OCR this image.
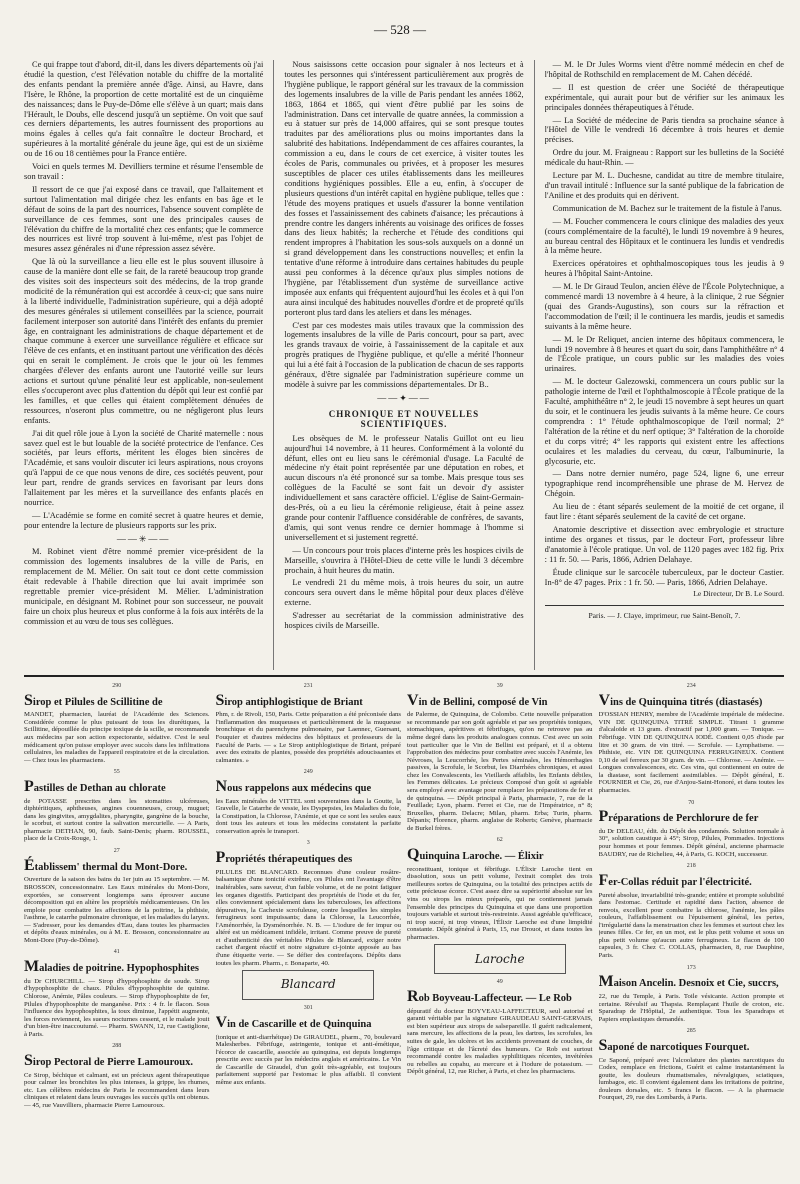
— 528 —

Ce qui frappe tout d'abord, dit-il, dans les divers départements où j'ai étudié la question, c'est l'élévation notable du chiffre de la mortalité des enfants pendant la première année d'âge. Ainsi, au Havre, dans l'Isère, le Rhône, la proportion de cette mortalité est de un cinquième des naissances; dans le Puy-de-Dôme elle s'élève à un quart; mais dans l'Hérault, le Doubs, elle descend jusqu'à un septième. On voit que sauf ces derniers départements, les autres fournissent des proportions au moins égales à celles qu'a fait connaître le docteur Brochard, et supérieures à la mortalité générale du jeune âge, qui est de un sixième ou de 16 ou 18 centièmes pour la France entière.

Voici en quels termes M. Devilliers termine et résume l'ensemble de son travail :

Il ressort de ce que j'ai exposé dans ce travail, que l'allaitement et surtout l'alimentation mal dirigée chez les enfants en bas âge et le défaut de soins de la part des nourrices, l'absence souvent complète de surveillance de ces femmes, sont une des principales causes de l'élévation du chiffre de la mortalité chez ces enfants; que le commerce des nourrices est livré trop souvent à lui-même, n'est pas l'objet de mesures assez générales ni d'une répression assez sévère.

Que là où la surveillance a lieu elle est le plus souvent illusoire à cause de la manière dont elle se fait, de la rareté beaucoup trop grande des visites soit des inspecteurs soit des médecins, de la trop grande modicité de la rémunération qui est accordée à ceux-ci; que sans nuire à la liberté individuelle, l'administration supérieure, qui a déjà adopté des mesures générales si utilement conseillées par la science, pourrait facilement interposer son autorité dans l'intérêt des enfants du premier âge, en contraignant les administrations de chaque département et de chaque commune à exercer une surveillance régulière et efficace sur l'élève de ces enfants, et en instituant partout une vérification des décès qui en serait le complément. Je crois que le jour où les femmes chargées d'élever des enfants auront une l'autorité veille sur leurs actions et surtout qu'une pénalité leur est applicable, non-seulement elles s'occuperont avec plus d'attention du dépôt qui leur est confié par les familles, et que celles qui étaient complètement dénuées de ressources, n'oseront plus commettre, ou ne négligeront plus leurs enfants.

J'ai dit quel rôle joue à Lyon la société de Charité maternelle : nous savez quel est le but louable de la société protectrice de l'enfance. Ces sociétés, par leurs efforts, méritent les éloges bien sincères de l'Académie, et sans vouloir discuter ici leurs aspirations, nous croyons qu'à l'appui de ce que nous venons de dire, ces sociétés peuvent, pour leur part, rendre de grands services en favorisant par leurs dons l'allaitement par les mères et la surveillance des enfants placés en nourrice.

— L'Académie se forme en comité secret à quatre heures et demie, pour entendre la lecture de plusieurs rapports sur les prix.

——✳——

M. Robinet vient d'être nommé premier vice-président de la commission des logements insalubres de la ville de Paris, en remplacement de M. Mélier. On sait tout ce dont cette commission était redevable à l'habile direction que lui avait imprimée son regrettable premier vice-président M. Mélier. L'administration municipale, en désignant M. Robinet pour son successeur, ne pouvait faire un choix plus heureux et plus conforme à la fois aux intérêts de la commission et au vœu de tous ses collègues.

Nous saisissons cette occasion pour signaler à nos lecteurs et à toutes les personnes qui s'intéressent particulièrement aux progrès de l'hygiène publique, le rapport général sur les travaux de la commission des logements insalubres de la ville de Paris pendant les années 1862, 1863, 1864 et 1865, qui vient d'être publié par les soins de l'administration. Dans cet intervalle de quatre années, la commission a eu à statuer sur près de 14,000 affaires, qui se sont presque toutes traduites par des améliorations plus ou moins importantes dans la salubrité des habitations. Indépendamment de ces affaires courantes, la commission a eu, dans le cours de cet exercice, à visiter toutes les écoles de Paris, communales ou privées, et à proposer les mesures susceptibles de placer ces utiles établissements dans les meilleures conditions hygiéniques possibles. Elle a eu, enfin, à s'occuper de plusieurs questions d'un intérêt capital en hygiène publique, telles que : l'étude des moyens pratiques et usuels d'assurer la bonne ventilation des fosses et l'assainissement des cabinets d'aisance; les précautions à prendre contre les dangers inhérents au voisinage des orifices de fosses dans des lieux habités; la recherche et l'étude des conditions qui rendent impropres à l'habitation les sous-sols auxquels on a donné un si grand développement dans les constructions nouvelles; et enfin la tentative d'une réforme à introduire dans certaines habitudes du peuple aussi peu conformes à la décence qu'aux plus simples notions de l'hygiène, par l'établissement d'un système de surveillance active imposée aux enfants qui fréquentent aujourd'hui les écoles et à qui l'on aura ainsi inculqué des habitudes nouvelles d'ordre et de propreté qu'ils porteront plus tard dans les ateliers et dans les ménages.

C'est par ces modestes mais utiles travaux que la commission des logements insalubres de la ville de Paris concourt, pour sa part, avec les grands travaux de voirie, à l'assainissement de la capitale et aux progrès pratiques de l'hygiène publique, et qu'elle a mérité l'honneur qui lui a été fait à l'occasion de la publication de chacun de ses rapports généraux, d'être signalée par l'administration supérieure comme un modèle à suivre par les commissions départementales. Dr B..

——✦——
CHRONIQUE ET NOUVELLES SCIENTIFIQUES.

Les obsèques de M. le professeur Natalis Guillot ont eu lieu aujourd'hui 14 novembre, à 11 heures. Conformément à la volonté du défunt, elles ont eu lieu sans le cérémonial d'usage. La Faculté de médecine n'y était point représentée par une députation en robes, et aucun discours n'a été prononcé sur sa tombe. Mais presque tous ses collègues de la Faculté se sont fait un devoir d'y assister individuellement et sans caractère officiel. L'église de Saint-Germain-des-Prés, où a eu lieu la cérémonie religieuse, était à peine assez grande pour contenir l'affluence considérable de confrères, de savants, d'amis, qui sont venus rendre ce dernier hommage à l'homme si universellement et si justement regretté.

— Un concours pour trois places d'interne près les hospices civils de Marseille, s'ouvrira à l'Hôtel-Dieu de cette ville le lundi 3 décembre prochain, à huit heures du matin.

Le vendredi 21 du même mois, à trois heures du soir, un autre concours sera ouvert dans le même hôpital pour deux places d'élève externe.

S'adresser au secrétariat de la commission administrative des hospices civils de Marseille.

— M. le Dr Jules Worms vient d'être nommé médecin en chef de l'hôpital de Rothschild en remplacement de M. Cahen décédé.

— Il est question de créer une Société de thérapeutique expérimentale, qui aurait pour but de vérifier sur les animaux les principales données thérapeutiques à l'étude.

— La Société de médecine de Paris tiendra sa prochaine séance à l'Hôtel de Ville le vendredi 16 décembre à trois heures et demie précises.

Ordre du jour. M. Fraigneau : Rapport sur les bulletins de la Société médicale du haut-Rhin. —

Lecture par M. L. Duchesne, candidat au titre de membre titulaire, d'un travail intitulé : Influence sur la santé publique de la fabrication de l'Aniline et des produits qui en dérivent.

Communication de M. Bachez sur le traitement de la fistule à l'anus.

— M. Foucher commencera le cours clinique des maladies des yeux (cours complémentaire de la faculté), le lundi 19 novembre à 9 heures, au bureau central des Hôpitaux et le continuera les lundis et vendredis à la même heure.

Exercices opératoires et ophthalmoscopiques tous les jeudis à 9 heures à l'hôpital Saint-Antoine.

— M. le Dr Giraud Teulon, ancien élève de l'École Polytechnique, a commencé mardi 13 novembre à 4 heure, à la clinique, 2 rue Ségnier (quai des Grands-Augustins), son cours sur la réfraction et l'accommodation de l'œil; il le continuera les mardis, jeudis et samedis suivants à la même heure.

— M. le Dr Reliquet, ancien interne des hôpitaux commencera, le lundi 19 novembre à 8 heures et quart du soir, dans l'amphithéâtre n° 4 de l'École pratique, un cours public sur les maladies des voies urinaires.

— M. le docteur Galezowski, commencera un cours public sur la pathologie interne de l'œil et l'ophthalmoscopie à l'École pratique de la Faculté, amphithéâtre n° 2, le jeudi 15 novembre à sept heures un quart du soir, et le continuera les jeudis suivants à la même heure. Ce cours comprendra : 1° l'étude ophthalmoscopique de l'œil normal; 2° l'altération de la rétine et du nerf optique; 3° l'altération de la choroïde et du corps vitré; 4° les rapports qui existent entre les affections oculaires et les maladies du cerveau, du cœur, l'albuminurie, la glycosurie, etc.

— Dans notre dernier numéro, page 524, ligne 6, une erreur typographique rend incompréhensible une phrase de M. Hervez de Chégoin.

Au lieu de : étant séparés seulement de la moitié de cet organe, il faut lire : étant séparés seulement de la cavité de cet organe.

Anatomie descriptive et dissection avec embryologie et structure intime des organes et tissus, par le docteur Fort, professeur libre d'anatomie à l'école pratique. Un vol. de 1120 pages avec 182 fig. Prix : 11 fr. 50. — Paris, 1866, Adrien Delahaye.

Étude clinique sur le sarcocèle tuberculeux, par le docteur Castier. In-8° de 47 pages. Prix : 1 fr. 50. — Paris, 1866, Adrien Delahaye.

Le Directeur, Dr B. Le Sourd.
Paris. — J. Claye, imprimeur, rue Saint-Benoît, 7.
290
Sirop et Pilules de Scillitine de

MANDET, pharmacien, lauréat de l'Académie des Sciences. Considérée comme le plus puissant de tous les diurétiques, la Scillitine, dépouillée du principe toxique de la scille, se recommande aux médecins par son action expectorante, sédative. C'est le seul médicament qu'on puisse employer avec succès dans les infiltrations cellulaires, les maladies de l'appareil respiratoire et de la circulation. — Chez tous les pharmaciens.

55
Pastilles de Dethan au chlorate

de POTASSE prescrites dans les stomatites ulcéreuses, diphtéritiques, aphtheuses, angines couenneuses, croup, muguet; dans les gingivites, amygdalites, pharyngite, gangrène de la bouche, le scorbut, et surtout contre la salivation mercurielle. — A Paris, pharmacie DETHAN, 90, faub. Saint-Denis; pharm. ROUSSEL, place de la Croix-Rouge, 1.

27
Établissem' thermal du Mont-Dore.

Ouverture de la saison des bains du 1er juin au 15 septembre. — M. BROSSON, concessionnaire. Les Eaux minérales du Mont-Dore, exportées, se conservent longtemps sans éprouver aucune décomposition qui en altère les propriétés médicamenteuses. On les emploie pour combattre les affections de la poitrine, la phthisie, l'asthme, le catarrhe pulmonaire chronique, et les maladies du larynx. — S'adresser, pour les demandes d'Eau, dans toutes les pharmacies et dépôts d'eaux minérales, ou à M. E. Brosson, concessionnaire au Mont-Dore (Puy-de-Dôme).

41
Maladies de poitrine. Hypophosphites

du Dr CHURCHILL. — Sirop d'hypophosphite de soude. Sirop d'hypophosphite de chaux. Pilules d'hypophosphite de quinine. Chlorose, Anémie, Pâles couleurs. — Sirop d'hypophosphite de fer, Pilules d'hypophosphite de manganèse. Prix : 4 fr. le flacon. Sous l'influence des hypophosphites, la toux diminue, l'appétit augmente, les forces reviennent, les sueurs nocturnes cessent, et le malade jouit d'un bien-être inaccoutumé. — Pharm. SWANN, 12, rue Castiglione, à Paris.

288
Sirop Pectoral de Pierre Lamouroux.

Ce Sirop, béchique et calmant, est un précieux agent thérapeutique pour calmer les bronchites les plus intenses, la grippe, les rhumes, etc. Les célèbres médecins de Paris le recommandent dans leurs cliniques et relatent dans leurs ouvrages les succès qu'ils ont obtenus. — 45, rue Vauvilliers, pharmacie Pierre Lamouroux.

231
Sirop antiphlogistique de Briant

Phm, r. de Rivoli, 150, Paris. Cette préparation a été préconisée dans l'inflammation des muqueuses et particulièrement de la muqueuse bronchique et du parenchyme pulmonaire, par Laennec, Guersant, Fouquier et d'autres médecins des hôpitaux et professeurs de la Faculté de Paris. — « Le Sirop antiphlogistique de Briant, préparé avec des extraits de plantes, possède des propriétés adoucissantes et calmantes. »

249
Nous rappelons aux médecins que

les Eaux minérales de VITTEL sont souveraines dans la Goutte, la Gravelle, le Catarrhe de vessie, les Dyspepsies, les Maladies du foie, la Constipation, la Chlorose, l'Anémie, et que ce sont les seules eaux dont tous les auteurs et tous les médecins constatent la parfaite conservation après le transport.

3
Propriétés thérapeutiques des

PILULES DE BLANCARD. Reconnues d'une couleur rosâtre-balsamique d'une tonicité extrême, ces Pilules ont l'avantage d'être inaltérables, sans saveur, d'un faible volume, et de ne point fatiguer les organes digestifs. Participant des propriétés de l'iode et du fer, elles conviennent spécialement dans les tuberculoses, les affections dépuratives, la Cachexie scrofuleuse, contre lesquelles les simples ferrugineux sont impuissants; dans la Chlorose, la Leucorrhée, l'Aménorrhée, la Dysménorrhée. N. B. — L'iodure de fer impur ou altéré est un médicament infidèle, irritant. Comme preuve de pureté et d'authenticité des véritables Pilules de Blancard, exiger notre cachet d'argent réactif et notre signature ci-jointe apposée au bas d'une étiquette verte. — Se défier des contrefaçons. Dépôts dans toutes les pharm. Pharm., r. Bonaparte, 40.

Blancard
301
Vin de Cascarille et de Quinquina

(tonique et anti-diarrhéique) De GIRAUDEL, pharm., 70, boulevard Malesherbes. Fébrifuge, astringente, tonique et anti-émétique, l'écorce de cascarille, associée au quinquina, est depuis longtemps prescrite avec succès par les médecins anglais et américains. Le Vin de Cascarille de Giraudel, d'un goût très-agréable, est toujours parfaitement supporté par l'estomac le plus affaibli. Il convient même aux enfants.

39
Vin de Bellini, composé de Vin

de Palerme, de Quinquina, de Colombo. Cette nouvelle préparation se recommande par son goût agréable et par ses propriétés toniques, stomachiques, apéritives et fébrifuges, qu'on ne retrouve pas au même degré dans les produits analogues connus. C'est avec un soin tout particulier que le Vin de Bellini est préparé, et il a obtenu l'approbation des médecins pour combattre avec succès l'Anémie, les Névroses, la Leucorrhée, les Pertes séminales, les Hémorrhagies passives, la Scrofule, le Scorbut, les Diarrhées chroniques, et aussi chez les Convalescents, les Vieillards affaiblis, les Enfants débiles, les Femmes délicates. Le précieux Composé d'un goût si agréable sera employé avec avantage pour remplacer les préparations de fer et de quinquina. — Dépôt principal à Paris, pharmacie, 7, rue de la Feuillade; Lyon, pharm. Ferret et Cie, rue de l'Impératrice, n° 8; Bruxelles, pharm. Delacre; Milan, pharm. Erba; Turin, pharm. Dépanis; Florence, pharm. anglaise de Roberts; Genève, pharmacie de Burkel frères.

62
Quinquina Laroche. — Élixir

reconstituant, tonique et fébrifuge. L'Élixir Laroche tient en dissolution, sous un petit volume, l'extrait complet des trois meilleures sortes de Quinquina, ou la totalité des principes actifs de cette précieuse écorce. C'est assez dire sa supériorité absolue sur les vins ou sirops les mieux préparés, qui ne contiennent jamais l'ensemble des principes du Quinquina et que dans une proportion toujours variable et surtout très-restreinte. Aussi agréable qu'efficace, ni trop sucré, ni trop vineux, l'Élixir Laroche est d'une limpidité constante. Dépôt général à Paris, 15, rue Drouot, et dans toutes les pharmacies.

Laroche
49
Rob Boyveau-Laffecteur. — Le Rob

dépuratif du docteur BOYVEAU-LAFFECTEUR, seul autorisé et garanti véritable par la signature GIRAUDEAU SAINT-GERVAIS, est bien supérieur aux sirops de salsepareille. Il guérit radicalement, sans mercure, les affections de la peau, les dartres, les scrofules, les suites de gale, les ulcères et les accidents provenant de couches, de l'âge critique et de l'âcreté des humeurs. Ce Rob est surtout recommandé contre les maladies syphilitiques récentes, invétérées ou rebelles au copahu, au mercure et à l'iodure de potassium. — Dépôt général, 12, rue Richer, à Paris, et chez les pharmaciens.

234
Vins de Quinquina titrés (diastasés)

D'OSSIAN HENRY, membre de l'Académie impériale de médecine. VIN DE QUINQUINA TITRÉ SIMPLE. Titrant 1 gramme d'alcaloïde et 13 gram. d'extractif par 1,000 gram. — Tonique. — Fébrifuge. VIN DE QUINQUINA IODÉ. Contient 0,05 d'iode par litre et 30 gram. de vin titré. — Scrofule. — Lymphatisme. — Phthisie, etc. VIN DE QUINQUINA FERRUGINEUX. Contient 0,10 de sel ferreux par 30 gram. de vin. — Chlorose. — Anémie. — Longues convalescences, etc. Ces vins, qui contiennent en outre de la diastase, sont facilement assimilables. — Dépôt général, E. FOURNIER et Cie, 26, rue d'Anjou-Saint-Honoré, et dans toutes les pharmacies.

70
Préparations de Perchlorure de fer

du Dr DELEAU, édit. du Dépôt des condamnés. Solution normale à 30°, solution caustique à 45°; Sirop, Pilules, Pommades. Injections pour hommes et pour femmes. Dépôt général, ancienne pharmacie BAUDRY, rue de Richelieu, 44, à Paris, G. KOCH, successeur.

218
Fer-Collas réduit par l'électricité.

Pureté absolue, invariabilité très-grande; entière et prompte solubilité dans l'estomac. Certitude et rapidité dans l'action, absence de renvois, excellent pour combattre la chlorose, l'anémie, les pâles couleurs, l'affaiblissement ou l'épuisement général, les pertes, l'irrégularité dans la menstruation chez les femmes et surtout chez les jeunes filles. Ce fer, en un mot, est le plus petit volume et sous un plus petit volume qu'aucun autre ferrugineux. Le flacon de 100 capsules, 3 fr. Chez C. COLLAS, pharmacien, 8, rue Dauphine, Paris.

173
Maison Ancelin. Desnoix et Cie, succrs,

22, rue du Temple, à Paris. Toile vésicante. Action prompte et certaine. Révulsif au Thapsia. Remplaçant l'huile de croton, etc. Sparadrap de l'Hôpital, 2e authentique. Tous les Sparadraps et Papiers emplastiques demandés.

285
Saponé de narcotiques Fourquet.

Ce Saponé, préparé avec l'alcoolature des plantes narcotiques du Codex, remplace en frictions, Guérit et calme instantanément la goutte, les douleurs rhumatismales, névralgiques, sciatiques, lumbagos, etc. Il convient également dans les irritations de poitrine, douleurs dorsales, etc. 5 francs le flacon. — A la pharmacie Fourquet, 29, rue des Lombards, à Paris.
